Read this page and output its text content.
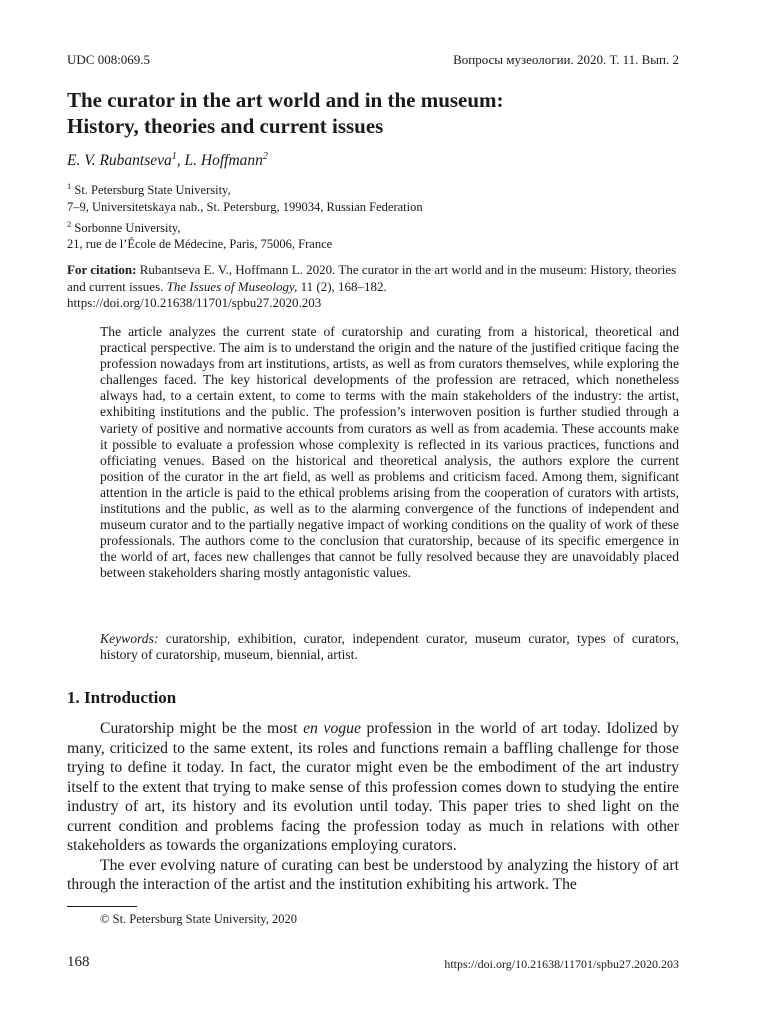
UDC 008:069.5	Вопросы музеологии. 2020. Т. 11. Вып. 2
The curator in the art world and in the museum:
History, theories and current issues
E. V. Rubantseva$^1$, L. Hoffmann$^2$
$^1$ St. Petersburg State University,
7–9, Universitetskaya nab., St. Petersburg, 199034, Russian Federation
$^2$ Sorbonne University,
21, rue de l’École de Médecine, Paris, 75006, France
For citation: Rubantseva E. V., Hoffmann L. 2020. The curator in the art world and in the museum: History, theories and current issues. The Issues of Museology, 11 (2), 168–182.
https://doi.org/10.21638/11701/spbu27.2020.203

The article analyzes the current state of curatorship and curating from a historical, theoretical and practical perspective. The aim is to understand the origin and the nature of the justified critique facing the profession nowadays from art institutions, artists, as well as from curators themselves, while exploring the challenges faced. The key historical developments of the profession are retraced, which nonetheless always had, to a certain extent, to come to terms with the main stakeholders of the industry: the artist, exhibiting institutions and the public. The profession’s interwoven position is further studied through a variety of positive and normative accounts from curators as well as from academia. These accounts make it possible to evaluate a profession whose complexity is reflected in its various practices, functions and officiating venues. Based on the historical and theoretical analysis, the authors explore the current position of the curator in the art field, as well as problems and criticism faced. Among them, significant attention in the article is paid to the ethical problems arising from the cooperation of curators with artists, institutions and the public, as well as to the alarming convergence of the functions of independent and museum curator and to the partially negative impact of working conditions on the quality of work of these professionals. The authors come to the conclusion that curatorship, because of its specific emergence in the world of art, faces new challenges that cannot be fully resolved because they are unavoidably placed between stakeholders sharing mostly antagonistic values.

Keywords: curatorship, exhibition, curator, independent curator, museum curator, types of curators, history of curatorship, museum, biennial, artist.
1. Introduction

Curatorship might be the most en vogue profession in the world of art today. Idolized by many, criticized to the same extent, its roles and functions remain a baffling challenge for those trying to define it today. In fact, the curator might even be the embodiment of the art industry itself to the extent that trying to make sense of this profession comes down to studying the entire industry of art, its history and its evolution until today. This paper tries to shed light on the current condition and problems facing the profession today as much in relations with other stakeholders as towards the organizations employing curators.

The ever evolving nature of curating can best be understood by analyzing the history of art through the interaction of the artist and the institution exhibiting his artwork. The

© St. Petersburg State University, 2020
168	https://doi.org/10.21638/11701/spbu27.2020.203
